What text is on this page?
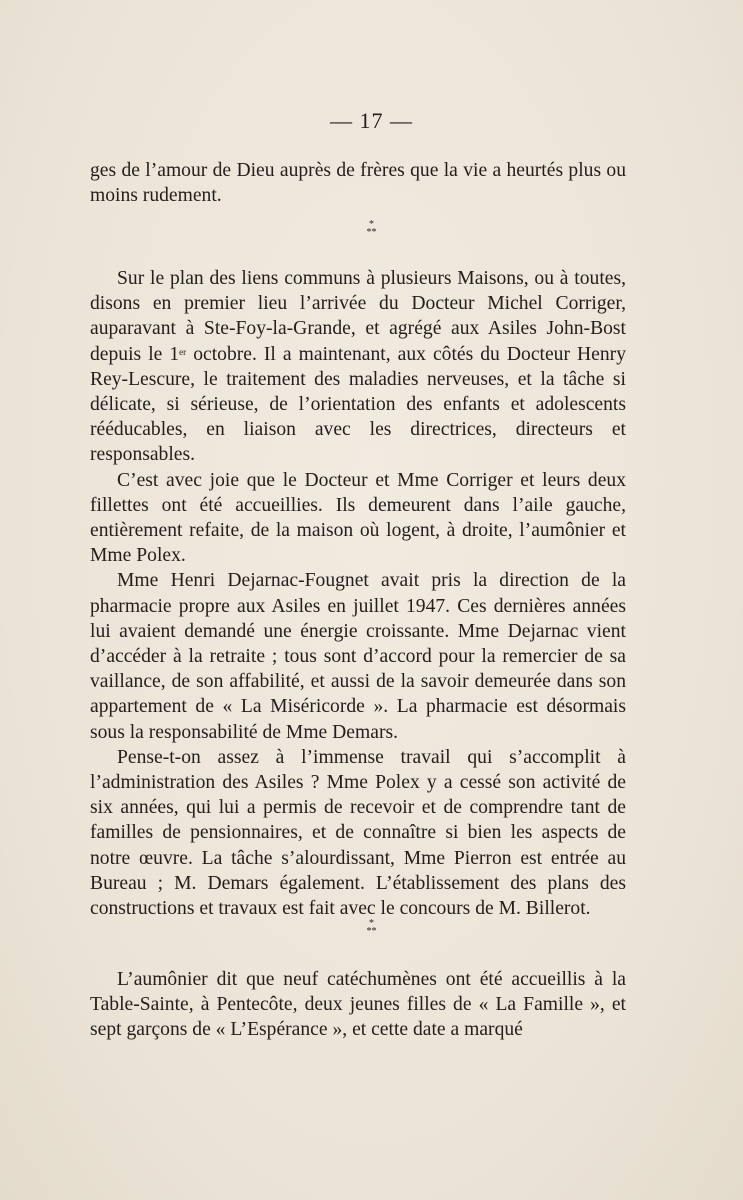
— 17 —

ges de l’amour de Dieu auprès de frères que la vie a heurtés plus ou moins rudement.

*
**

Sur le plan des liens communs à plusieurs Maisons, ou à toutes, disons en premier lieu l’arrivée du Docteur Michel Corriger, auparavant à Ste-Foy-la-Grande, et agrégé aux Asiles John-Bost depuis le 1er octobre. Il a maintenant, aux côtés du Docteur Henry Rey-Lescure, le traitement des maladies nerveuses, et la tâche si délicate, si sérieuse, de l’orientation des enfants et adolescents rééducables, en liaison avec les directrices, directeurs et responsables.

C’est avec joie que le Docteur et Mme Corriger et leurs deux fillettes ont été accueillies. Ils demeurent dans l’aile gauche, entièrement refaite, de la maison où logent, à droite, l’aumônier et Mme Polex.

Mme Henri Dejarnac-Fougnet avait pris la direction de la pharmacie propre aux Asiles en juillet 1947. Ces dernières années lui avaient demandé une énergie croissante. Mme Dejarnac vient d’accéder à la retraite ; tous sont d’accord pour la remercier de sa vaillance, de son affabilité, et aussi de la savoir demeurée dans son appartement de « La Miséricorde ». La pharmacie est désormais sous la responsabilité de Mme Demars.

Pense-t-on assez à l’immense travail qui s’accomplit à l’administration des Asiles ? Mme Polex y a cessé son activité de six années, qui lui a permis de recevoir et de comprendre tant de familles de pensionnaires, et de connaître si bien les aspects de notre œuvre. La tâche s’alourdissant, Mme Pierron est entrée au Bureau ; M. Demars également. L’établissement des plans des constructions et travaux est fait avec le concours de M. Billerot.

*
**

L’aumônier dit que neuf catéchumènes ont été accueillis à la Table-Sainte, à Pentecôte, deux jeunes filles de « La Famille », et sept garçons de « L’Espérance », et cette date a marqué
